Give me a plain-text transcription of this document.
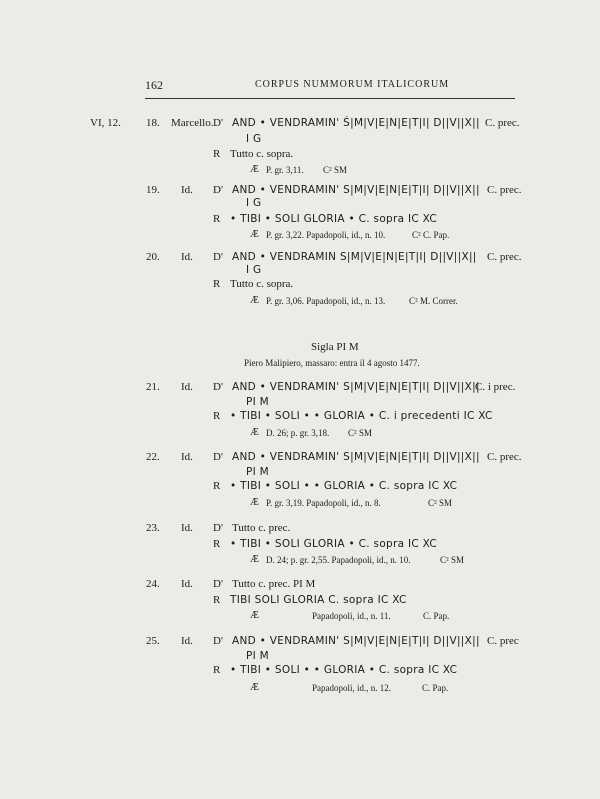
162	CORPUS NUMMORUM ITALICORUM
VI, 12. 18. Marcello. D' AND • VENDRAMIN' Ś|M|V|E|N|E|T|I| D||V||X|| C. prec.
I G
R Tutto c. sopra.
Æ P. gr. 3,11. C² SM
19. Id. D' AND • VENDRAMIN' S|M|V|E|N|E|T|I| D||V||X|| C. prec.
I G
R • TIBI • SOLI GLORIA • C. sopra IC XC
Æ P. gr. 3,22. Papadopoli, id., n. 10.	C² C. Pap.
20. Id. D' AND • VENDRAMIN S|M|V|E|N|E|T|I| D||V||X|| C. prec.
I G
R Tutto c. sopra.
Æ P. gr. 3,06. Papadopoli, id., n. 13.	C² M. Correr.
Sigla PI M
Piero Malipiero, massaro: entra il 4 agosto 1477.
21. Id. D' AND • VENDRAMIN' S|M|V|E|N|E|T|I| D||V||X||
C. i prec.
PI M
R • TIBI • SOLI • • GLORIA • C. i precedenti IC XC
Æ D. 26; p. gr. 3,18. C² SM
22. Id. D' AND • VENDRAMIN' S|M|V|E|N|E|T|I| D||V||X|| C. prec.
PI M
R • TIBI • SOLI • • GLORIA • C. sopra IC XC
Æ P. gr. 3,19. Papadopoli, id., n. 8.	C² SM
23. Id. D' Tutto c. prec.
R • TIBI • SOLI GLORIA • C. sopra IC XC
Æ D. 24; p. gr. 2,55. Papadopoli, id., n. 10.	C² SM
24. Id. D' Tutto c. prec. PI M
R TIBI SOLI GLORIA C. sopra IC XC
Æ	Papadopoli, id., n. 11.	C. Pap.
25. Id. D' AND • VENDRAMIN' S|M|V|E|N|E|T|I| D||V||X|| C. prec
PI M
R • TIBI • SOLI • • GLORIA • C. sopra IC XC
Æ	Papadopoli, id., n. 12.	C. Pap.
